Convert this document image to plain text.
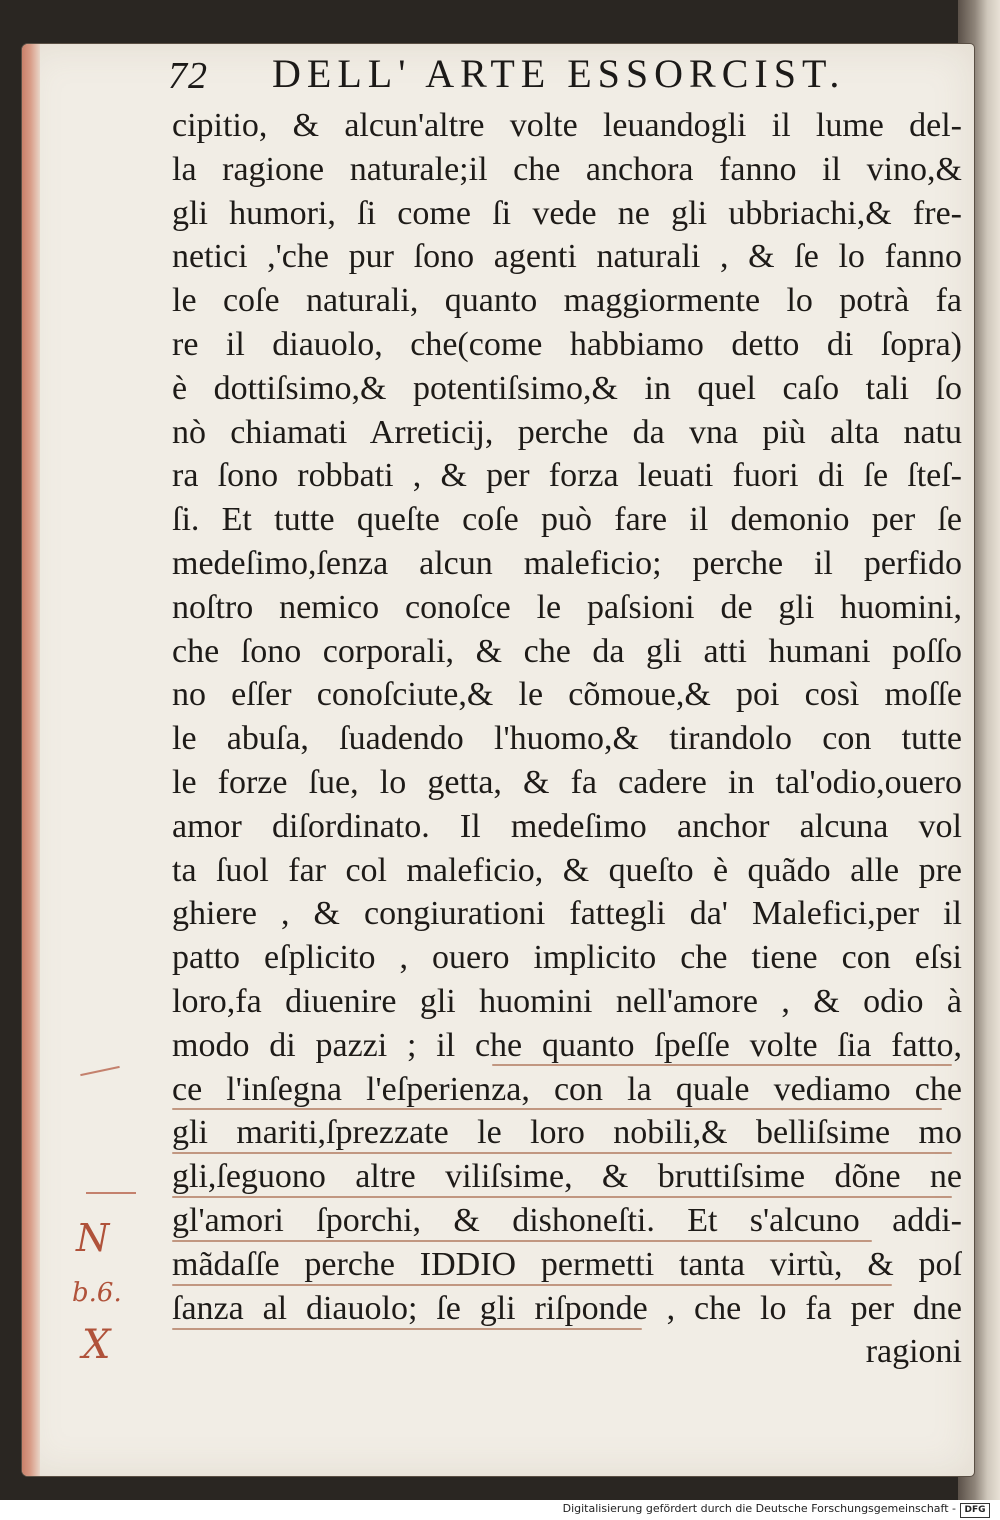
72 DELL' ARTE ESSORCIST.
cipitio, & alcun'altre volte leuandogli il lume del-
la ragione naturale;il che anchora fanno il vino,&
gli humori, ſi come ſi vede ne gli ubbriachi,& fre-
netici ,'che pur ſono agenti naturali , & ſe lo fanno
le coſe naturali, quanto maggiormente lo potrà fa
re il diauolo, che(come habbiamo detto di ſopra)
è dottiſsimo,& potentiſsimo,& in quel caſo tali ſo
nò chiamati Arreticij, perche da vna più alta natu
ra ſono robbati , & per forza leuati fuori di ſe ſteſ-
ſi. Et tutte queſte coſe può fare il demonio per ſe
medeſimo,ſenza alcun maleficio; perche il perfido
noſtro nemico conoſce le paſsioni de gli huomini,
che ſono corporali, & che da gli atti humani poſſo
no eſſer conoſciute,& le cõmoue,& poi così moſſe
le abuſa, ſuadendo l'huomo,& tirandolo con tutte
le forze ſue, lo getta, & fa cadere in tal'odio,ouero
amor diſordinato. Il medeſimo anchor alcuna vol
ta ſuol far col maleficio, & queſto è quãdo alle pre
ghiere , & congiurationi fattegli da' Malefici,per il
patto eſplicito , ouero implicito che tiene con eſsi
loro,fa diuenire gli huomini nell'amore , & odio à
modo di pazzi ; il che quanto ſpeſſe volte ſia fatto,
ce l'inſegna l'eſperienza, con la quale vediamo che
gli mariti,ſprezzate le loro nobili,& belliſsime mo
gli,ſeguono altre viliſsime, & bruttiſsime dõne ne
gl'amori ſporchi, & dishoneſti. Et s'alcuno addi-
mãdaſſe perche IDDIO permetti tanta virtù, & poſ
ſanza al diauolo; ſe gli riſponde , che lo fa per dne
ragioni
N
b.6.
X
Digitalisierung gefördert durch die Deutsche Forschungsgemeinschaft - DFG
